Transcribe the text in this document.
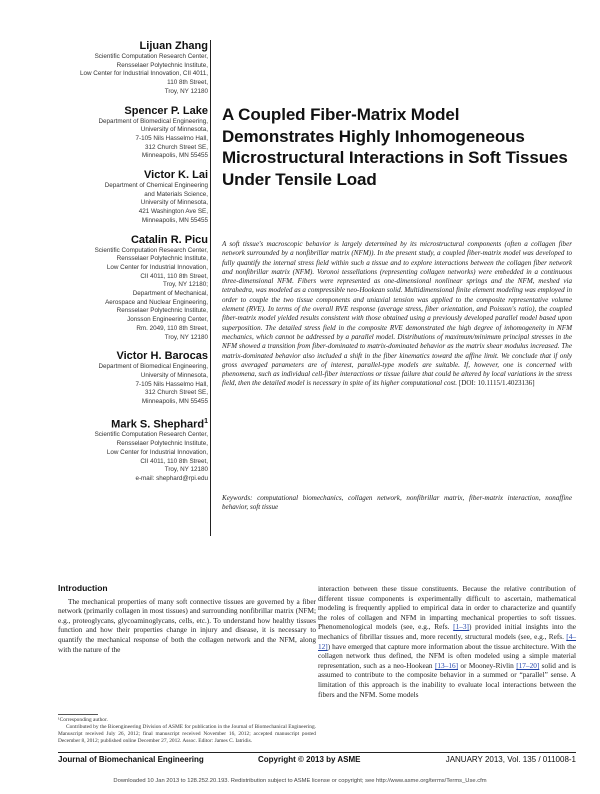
Lijuan Zhang
Scientific Computation Research Center,
Rensselaer Polytechnic Institute,
Low Center for Industrial Innovation, CII 4011,
110 8th Street,
Troy, NY 12180
Spencer P. Lake
Department of Biomedical Engineering,
University of Minnesota,
7-105 Nils Hasselmo Hall,
312 Church Street SE,
Minneapolis, MN 55455
Victor K. Lai
Department of Chemical Engineering
and Materials Science,
University of Minnesota,
421 Washington Ave SE,
Minneapolis, MN 55455
Catalin R. Picu
Scientific Computation Research Center,
Rensselaer Polytechnic Institute,
Low Center for Industrial Innovation,
CII 4011, 110 8th Street,
Troy, NY 12180;
Department of Mechanical,
Aerospace and Nuclear Engineering,
Rensselaer Polytechnic Institute,
Jonsson Engineering Center,
Rm. 2049, 110 8th Street,
Troy, NY 12180
Victor H. Barocas
Department of Biomedical Engineering,
University of Minnesota,
7-105 Nils Hasselmo Hall,
312 Church Street SE,
Minneapolis, MN 55455
Mark S. Shephard$^1$
Scientific Computation Research Center,
Rensselaer Polytechnic Institute,
Low Center for Industrial Innovation,
CII 4011, 110 8th Street,
Troy, NY 12180
e-mail: shephard@rpi.edu
A Coupled Fiber-Matrix Model Demonstrates Highly Inhomogeneous Microstructural Interactions in Soft Tissues Under Tensile Load
A soft tissue's macroscopic behavior is largely determined by its microstructural components (often a collagen fiber network surrounded by a nonfibrillar matrix (NFM)). In the present study, a coupled fiber-matrix model was developed to fully quantify the internal stress field within such a tissue and to explore interactions between the collagen fiber network and nonfibrillar matrix (NFM). Voronoi tessellations (representing collagen networks) were embedded in a continuous three-dimensional NFM. Fibers were represented as one-dimensional nonlinear springs and the NFM, meshed via tetrahedra, was modeled as a compressible neo-Hookean solid. Multidimensional finite element modeling was employed in order to couple the two tissue components and uniaxial tension was applied to the composite representative volume element (RVE). In terms of the overall RVE response (average stress, fiber orientation, and Poisson's ratio), the coupled fiber-matrix model yielded results consistent with those obtained using a previously developed parallel model based upon superposition. The detailed stress field in the composite RVE demonstrated the high degree of inhomogeneity in NFM mechanics, which cannot be addressed by a parallel model. Distributions of maximum/minimum principal stresses in the NFM showed a transition from fiber-dominated to matrix-dominated behavior as the matrix shear modulus increased. The matrix-dominated behavior also included a shift in the fiber kinematics toward the affine limit. We conclude that if only gross averaged parameters are of interest, parallel-type models are suitable. If, however, one is concerned with phenomena, such as individual cell-fiber interactions or tissue failure that could be altered by local variations in the stress field, then the detailed model is necessary in spite of its higher computational cost. [DOI: 10.1115/1.4023136]
Keywords: computational biomechanics, collagen network, nonfibrillar matrix, fiber-matrix interaction, nonaffine behavior, soft tissue
Introduction

The mechanical properties of many soft connective tissues are governed by a fiber network (primarily collagen in most tissues) and surrounding nonfibrillar matrix (NFM; e.g., proteoglycans, glycoaminoglycans, cells, etc.). To understand how healthy tissues function and how their properties change in injury and disease, it is necessary to quantify the mechanical response of both the collagen network and the NFM, along with the nature of the

interaction between these tissue constituents. Because the relative contribution of different tissue components is experimentally difficult to ascertain, mathematical modeling is frequently applied to empirical data in order to characterize and quantify the roles of collagen and NFM in imparting mechanical properties to soft tissues. Phenomenological models (see, e.g., Refs. [1–3]) provided initial insights into the mechanics of fibrillar tissues and, more recently, structural models (see, e.g., Refs. [4–12]) have emerged that capture more information about the tissue architecture. With the collagen network thus defined, the NFM is often modeled using a simple material representation, such as a neo-Hookean [13–16] or Mooney-Rivlin [17–20] solid and is assumed to contribute to the composite behavior in a summed or “parallel” sense. A limitation of this approach is the inability to evaluate local interactions between the fibers and the NFM. Some models

¹Corresponding author.

Contributed by the Bioengineering Division of ASME for publication in the Journal of Biomechanical Engineering. Manuscript received July 26, 2012; final manuscript received November 16, 2012; accepted manuscript posted December 8, 2012; published online December 27, 2012. Assoc. Editor: James C. Iatridis.

Journal of Biomechanical Engineering	Copyright © 2013 by ASME	JANUARY 2013, Vol. 135 / 011008-1
Downloaded 10 Jan 2013 to 128.252.20.193. Redistribution subject to ASME license or copyright; see http://www.asme.org/terms/Terms_Use.cfm
